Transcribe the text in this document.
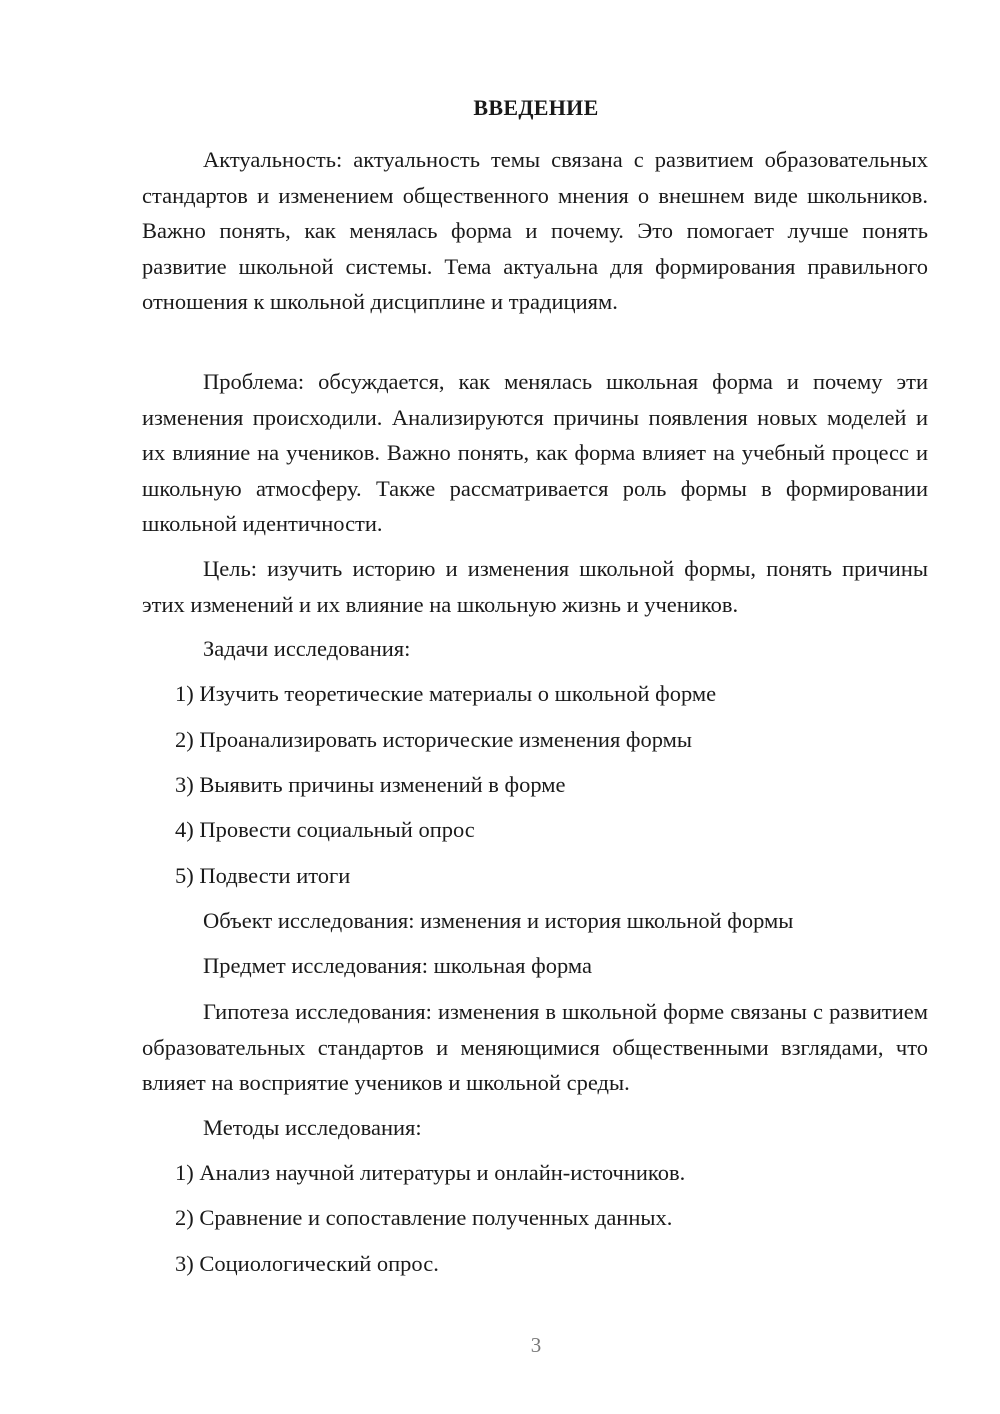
ВВЕДЕНИЕ

Актуальность: актуальность темы связана с развитием образовательных стандартов и изменением общественного мнения о внешнем виде школьников. Важно понять, как менялась форма и почему. Это помогает лучше понять развитие школьной системы. Тема актуальна для формирования правильного отношения к школьной дисциплине и традициям.

Проблема: обсуждается, как менялась школьная форма и почему эти изменения происходили. Анализируются причины появления новых моделей и их влияние на учеников. Важно понять, как форма влияет на учебный процесс и школьную атмосферу. Также рассматривается роль формы в формировании школьной идентичности.

Цель: изучить историю и изменения школьной формы, понять причины этих изменений и их влияние на школьную жизнь и учеников.

Задачи исследования:

1) Изучить теоретические материалы о школьной форме

2) Проанализировать исторические изменения формы

3) Выявить причины изменений в форме

4) Провести социальный опрос

5) Подвести итоги

Объект исследования: изменения и история школьной формы

Предмет исследования: школьная форма

Гипотеза исследования: изменения в школьной форме связаны с развитием образовательных стандартов и меняющимися общественными взглядами, что влияет на восприятие учеников и школьной среды.

Методы исследования:

1) Анализ научной литературы и онлайн-источников.

2) Сравнение и сопоставление полученных данных.

3) Социологический опрос.

3
